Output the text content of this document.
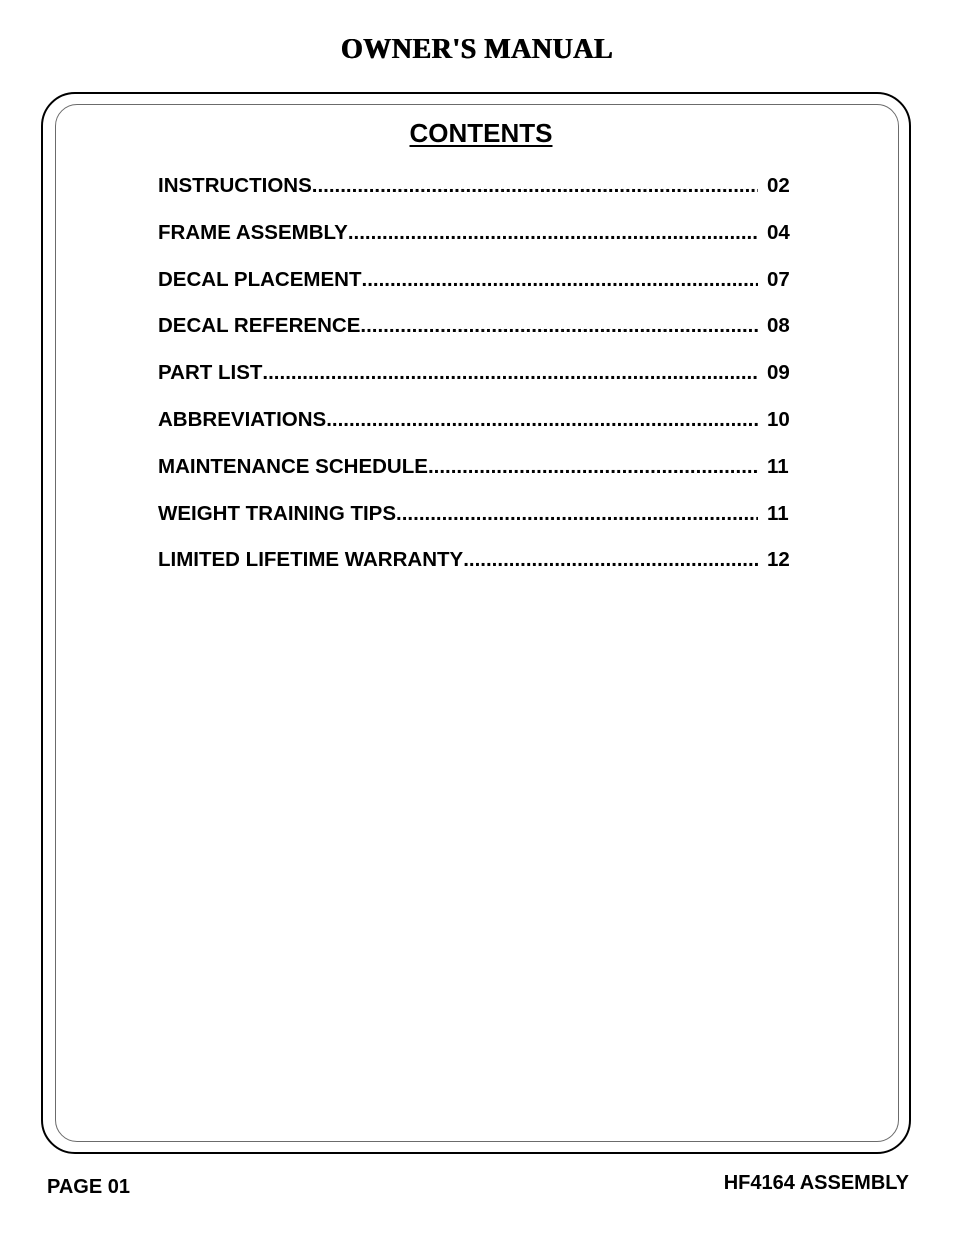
OWNER'S MANUAL
CONTENTS
INSTRUCTIONS .....	02
FRAME ASSEMBLY .....	04
DECAL PLACEMENT .....	07
DECAL REFERENCE .....	08
PART LIST .....	09
ABBREVIATIONS .....	10
MAINTENANCE SCHEDULE .....	11
WEIGHT TRAINING TIPS .....	11
LIMITED LIFETIME WARRANTY .....	12
PAGE 01	HF4164 ASSEMBLY
